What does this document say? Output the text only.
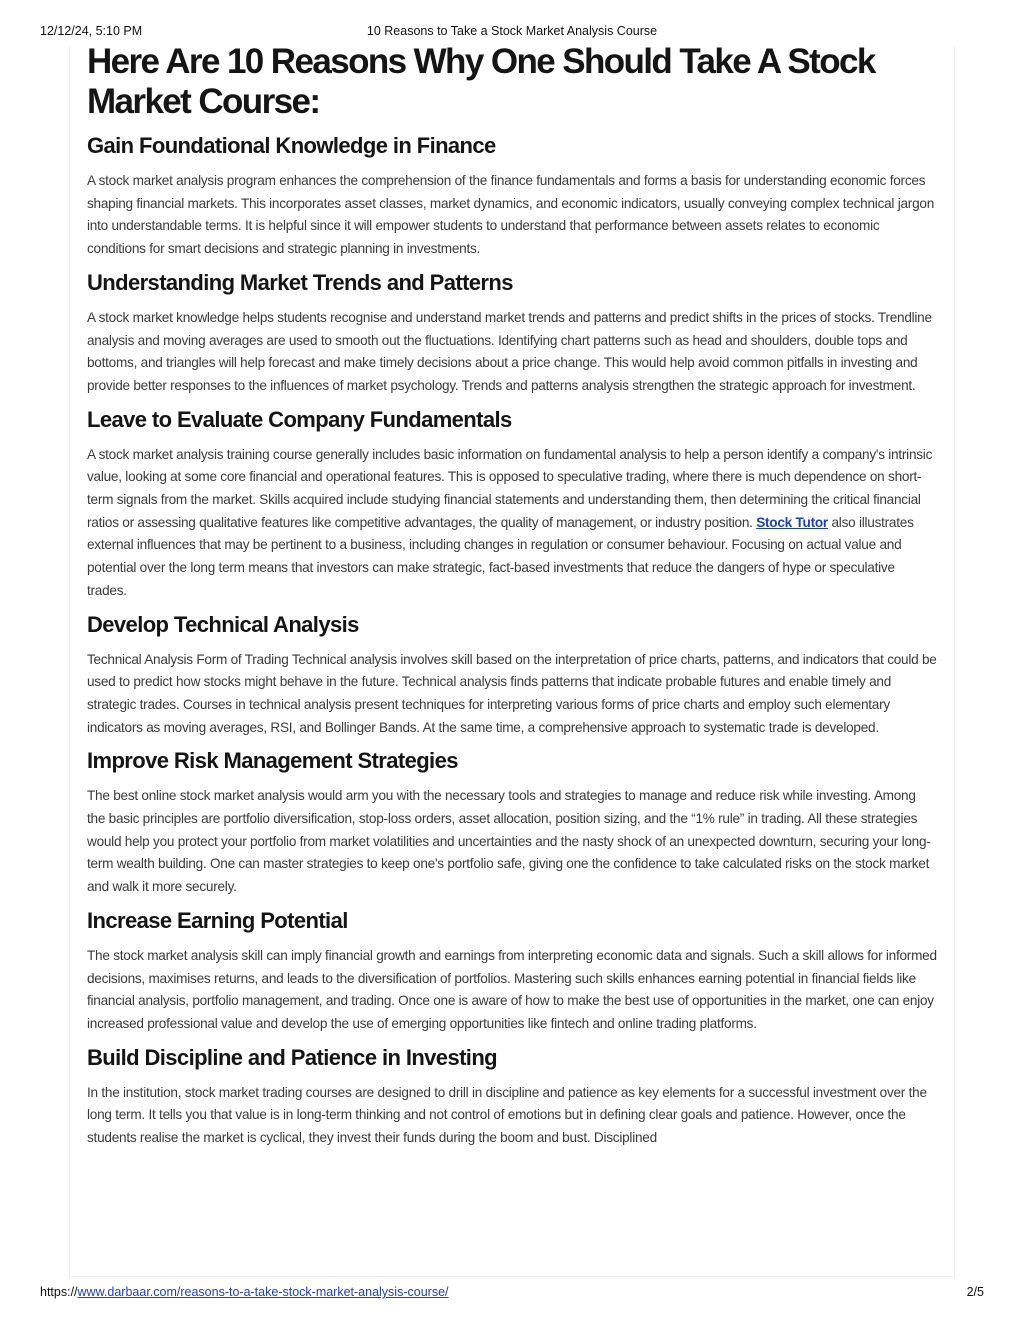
12/12/24, 5:10 PM	10 Reasons to Take a Stock Market Analysis Course
Here Are 10 Reasons Why One Should Take A Stock Market Course:
Gain Foundational Knowledge in Finance

A stock market analysis program enhances the comprehension of the finance fundamentals and forms a basis for understanding economic forces shaping financial markets. This incorporates asset classes, market dynamics, and economic indicators, usually conveying complex technical jargon into understandable terms. It is helpful since it will empower students to understand that performance between assets relates to economic conditions for smart decisions and strategic planning in investments.

Understanding Market Trends and Patterns

A stock market knowledge helps students recognise and understand market trends and patterns and predict shifts in the prices of stocks. Trendline analysis and moving averages are used to smooth out the fluctuations. Identifying chart patterns such as head and shoulders, double tops and bottoms, and triangles will help forecast and make timely decisions about a price change. This would help avoid common pitfalls in investing and provide better responses to the influences of market psychology. Trends and patterns analysis strengthen the strategic approach for investment.

Leave to Evaluate Company Fundamentals

A stock market analysis training course generally includes basic information on fundamental analysis to help a person identify a company's intrinsic value, looking at some core financial and operational features. This is opposed to speculative trading, where there is much dependence on short-term signals from the market. Skills acquired include studying financial statements and understanding them, then determining the critical financial ratios or assessing qualitative features like competitive advantages, the quality of management, or industry position. Stock Tutor also illustrates external influences that may be pertinent to a business, including changes in regulation or consumer behaviour. Focusing on actual value and potential over the long term means that investors can make strategic, fact-based investments that reduce the dangers of hype or speculative trades.

Develop Technical Analysis

Technical Analysis Form of Trading Technical analysis involves skill based on the interpretation of price charts, patterns, and indicators that could be used to predict how stocks might behave in the future. Technical analysis finds patterns that indicate probable futures and enable timely and strategic trades. Courses in technical analysis present techniques for interpreting various forms of price charts and employ such elementary indicators as moving averages, RSI, and Bollinger Bands. At the same time, a comprehensive approach to systematic trade is developed.

Improve Risk Management Strategies

The best online stock market analysis would arm you with the necessary tools and strategies to manage and reduce risk while investing. Among the basic principles are portfolio diversification, stop-loss orders, asset allocation, position sizing, and the “1% rule” in trading. All these strategies would help you protect your portfolio from market volatilities and uncertainties and the nasty shock of an unexpected downturn, securing your long-term wealth building. One can master strategies to keep one's portfolio safe, giving one the confidence to take calculated risks on the stock market and walk it more securely.

Increase Earning Potential

The stock market analysis skill can imply financial growth and earnings from interpreting economic data and signals. Such a skill allows for informed decisions, maximises returns, and leads to the diversification of portfolios. Mastering such skills enhances earning potential in financial fields like financial analysis, portfolio management, and trading. Once one is aware of how to make the best use of opportunities in the market, one can enjoy increased professional value and develop the use of emerging opportunities like fintech and online trading platforms.

Build Discipline and Patience in Investing

In the institution, stock market trading courses are designed to drill in discipline and patience as key elements for a successful investment over the long term. It tells you that value is in long-term thinking and not control of emotions but in defining clear goals and patience. However, once the students realise the market is cyclical, they invest their funds during the boom and bust. Disciplined

https://www.darbaar.com/reasons-to-a-take-stock-market-analysis-course/	2/5
